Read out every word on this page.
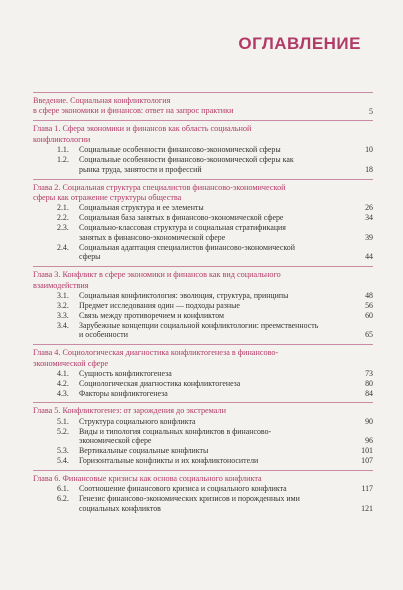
ОГЛАВЛЕНИЕ
Введение. Социальная конфликтология
в сфере экономики и финансов: ответ на запрос практики	5
Глава 1. Сфера экономики и финансов как область социальной
конфликтологии
1.1.	Социальные особенности финансово-экономической сферы	10
1.2.	Социальные особенности финансово-экономической сферы как
рынка труда, занятости и профессий	18
Глава 2. Социальная структура специалистов финансово-экономической
сферы как отражение структуры общества
2.1.	Социальная структура и ее элементы	26
2.2.	Социальная база занятых в финансово-экономической сфере	34
2.3.	Социально-классовая структура и социальная стратификация
занятых в финансово-экономической сфере	39
2.4.	Социальная адаптация специалистов финансово-экономической
сферы	44
Глава 3. Конфликт в сфере экономики и финансов как вид социального
взаимодействия
3.1.	Социальная конфликтология: эволюция, структура, принципы	48
3.2.	Предмет исследования один — подходы разные	56
3.3.	Связь между противоречием и конфликтом	60
3.4.	Зарубежные концепции социальной конфликтологии: преемственность
и особенности	65
Глава 4. Социологическая диагностика конфликтогенеза в финансово-
экономической сфере
4.1.	Сущность конфликтогенеза	73
4.2.	Социологическая диагностика конфликтогенеза	80
4.3.	Факторы конфликтогенеза	84
Глава 5. Конфликтогенез: от зарождения до экстремали
5.1.	Структура социального конфликта	90
5.2.	Виды и типология социальных конфликтов в финансово-
экономической сфере	96
5.3.	Вертикальные социальные конфликты	101
5.4.	Горизонтальные конфликты и их конфликтоносители	107
Глава 6. Финансовые кризисы как основа социального конфликта
6.1.	Соотношение финансового кризиса и социального конфликта	117
6.2.	Генезис финансово-экономических кризисов и порожденных ими
социальных конфликтов	121
